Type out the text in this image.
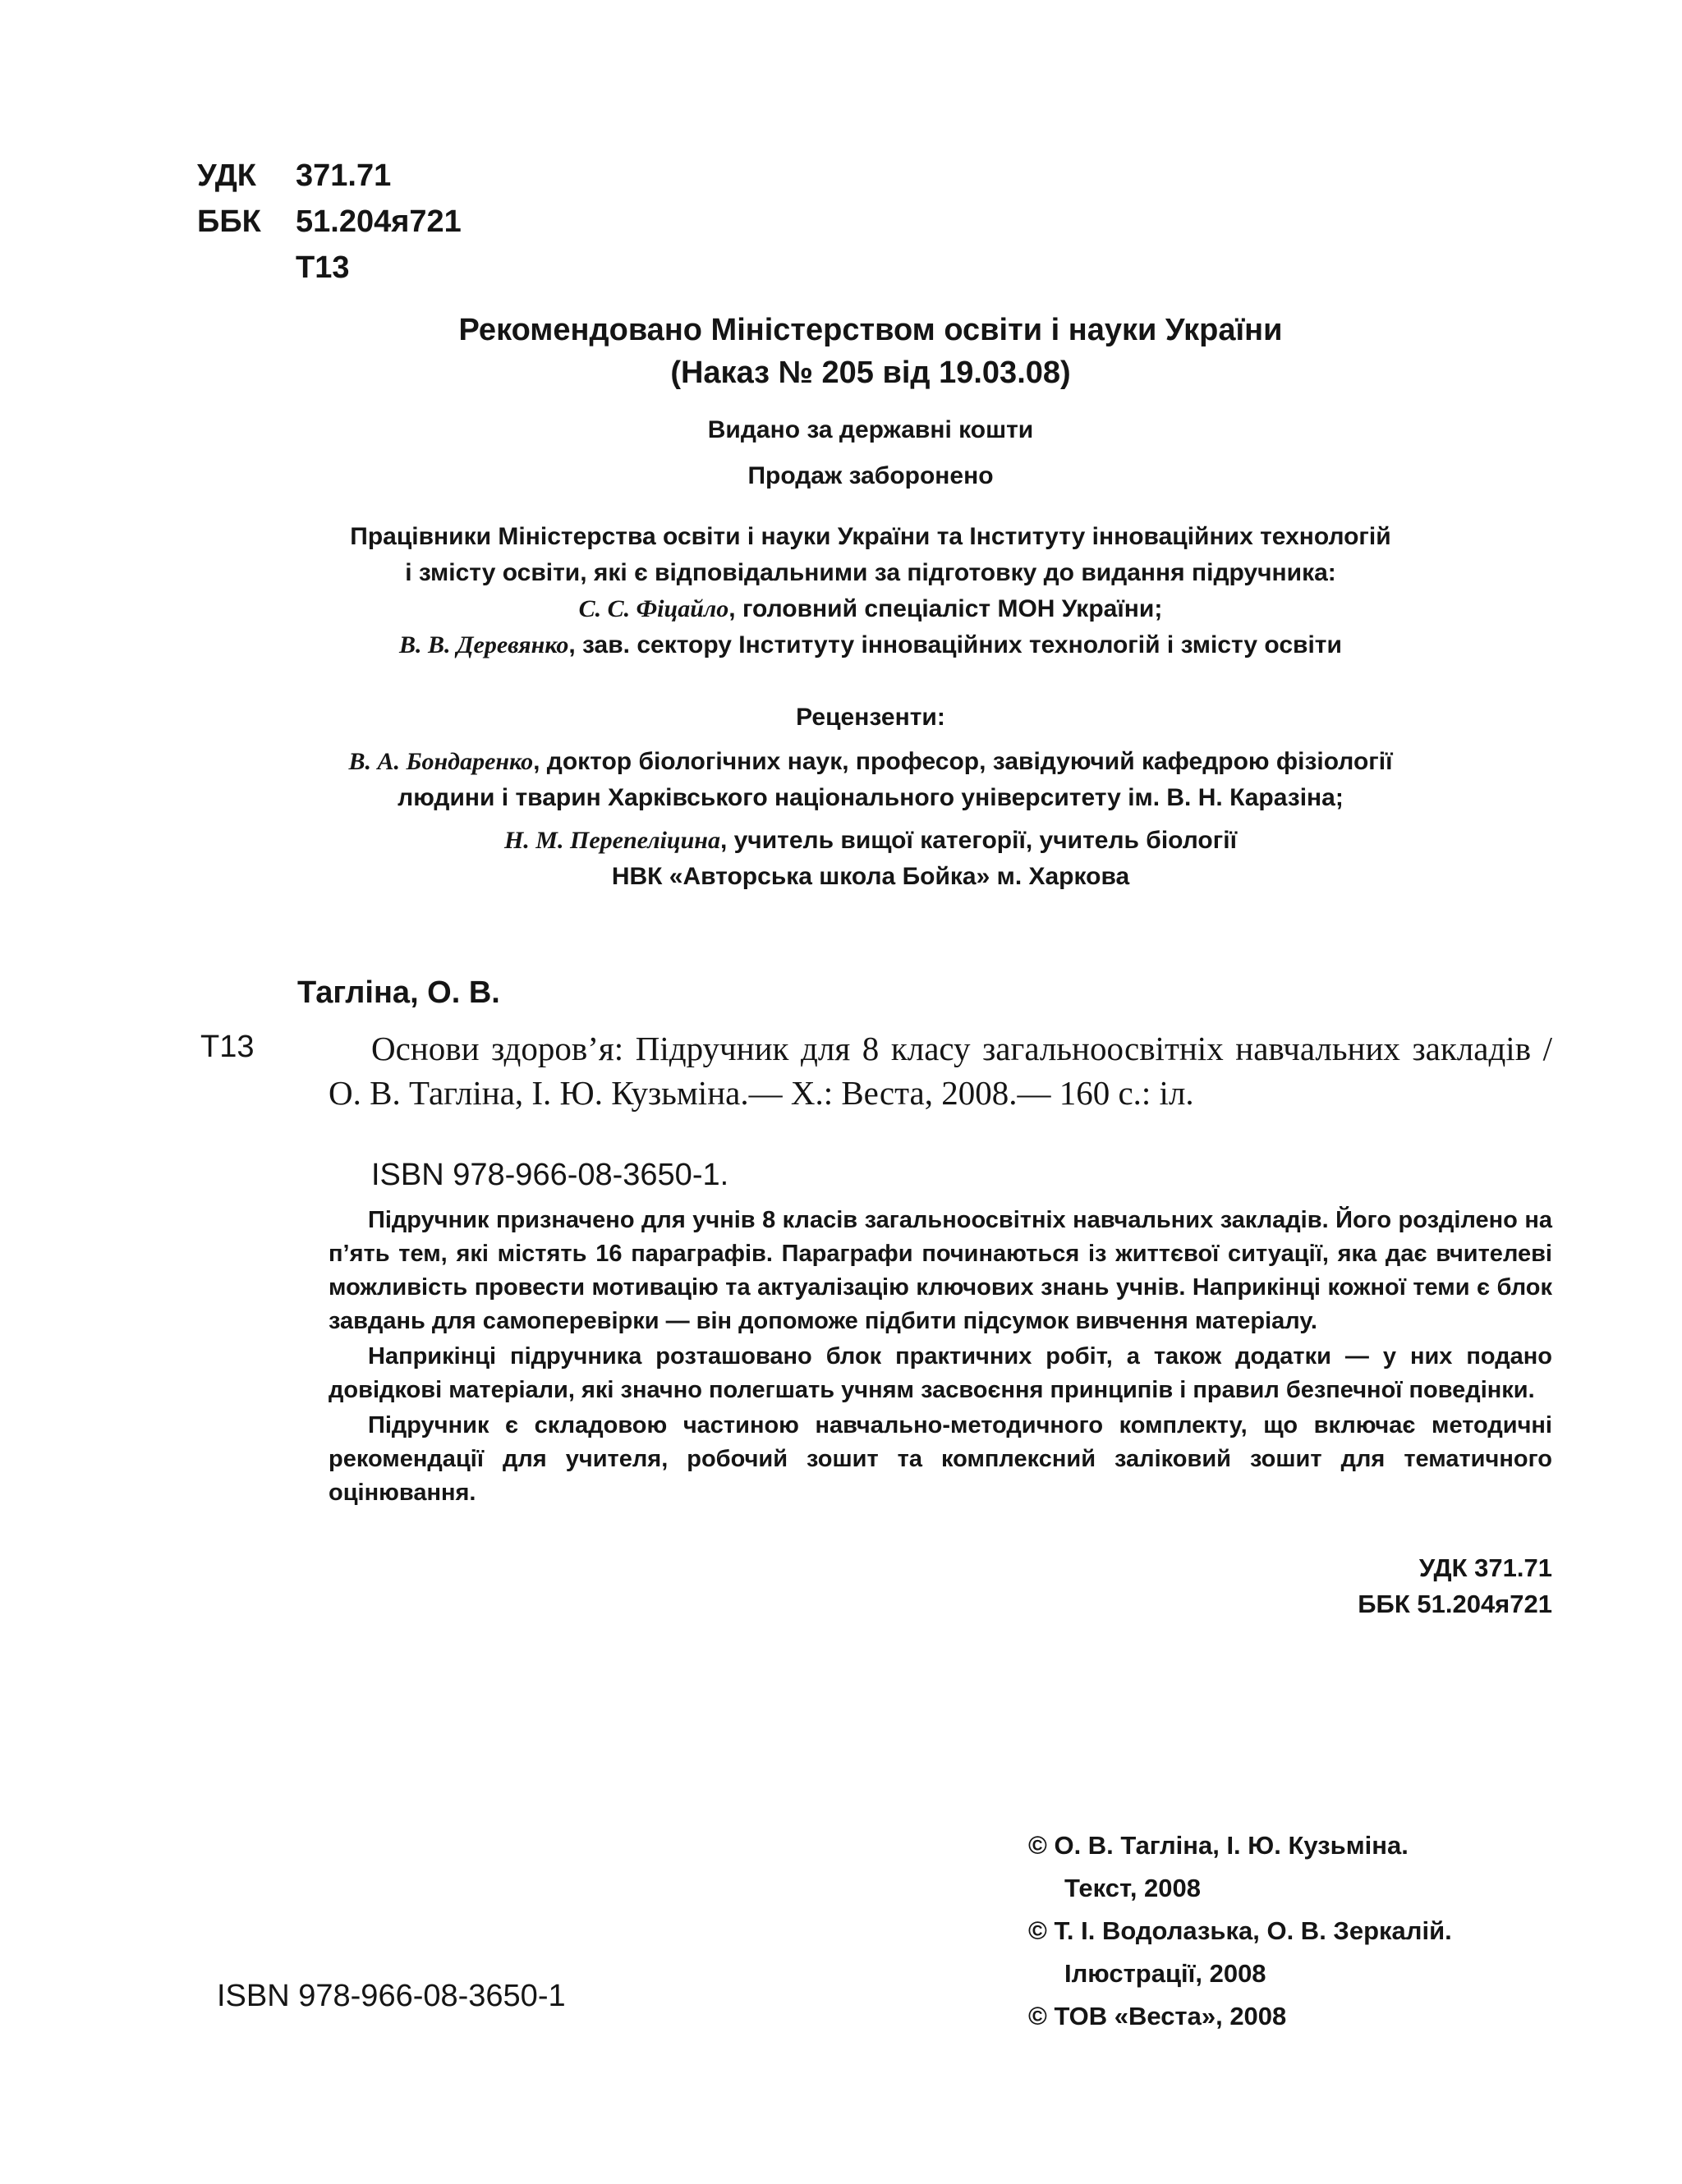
УДК 371.71
ББК 51.204я721
Т13
Рекомендовано Міністерством освіти і науки України
(Наказ № 205 від 19.03.08)
Видано за державні кошти
Продаж заборонено
Працівники Міністерства освіти і науки України та Інституту інноваційних технологій
і змісту освіти, які є відповідальними за підготовку до видання підручника:
С. С. Фіцайло, головний спеціаліст МОН України;
В. В. Деревянко, зав. сектору Інституту інноваційних технологій і змісту освіти
Рецензенти:
В. А. Бондаренко, доктор біологічних наук, професор, завідуючий кафедрою фізіології
людини і тварин Харківського національного університету ім. В. Н. Каразіна;
Н. М. Перепеліцина, учитель вищої категорії, учитель біології
НВК «Авторська школа Бойка» м. Харкова
Тагліна, О. В.
Т13	Основи здоров’я: Підручник для 8 класу загальноосвітніх навчальних закладів / О. В. Тагліна, І. Ю. Кузьміна.— Х.: Веста, 2008.— 160 с.: іл.
ISBN 978-966-08-3650-1.

Підручник призначено для учнів 8 класів загальноосвітніх навчальних закладів. Його розділено на п’ять тем, які містять 16 параграфів. Параграфи починаються із життєвої ситуації, яка дає вчителеві можливість провести мотивацію та актуалізацію ключових знань учнів. Наприкінці кожної теми є блок завдань для самоперевірки — він допоможе підбити підсумок вивчення матеріалу.

Наприкінці підручника розташовано блок практичних робіт, а також додатки — у них подано довідкові матеріали, які значно полегшать учням засвоєння принципів і правил безпечної поведінки.

Підручник є складовою частиною навчально-методичного комплекту, що включає методичні рекомендації для учителя, робочий зошит та комплексний заліковий зошит для тематичного оцінювання.

УДК 371.71
ББК 51.204я721
© О. В. Тагліна, І. Ю. Кузьміна.
Текст, 2008
© Т. І. Водолазька, О. В. Зеркалій.
Ілюстрації, 2008
© ТОВ «Веста», 2008
ISBN 978-966-08-3650-1
